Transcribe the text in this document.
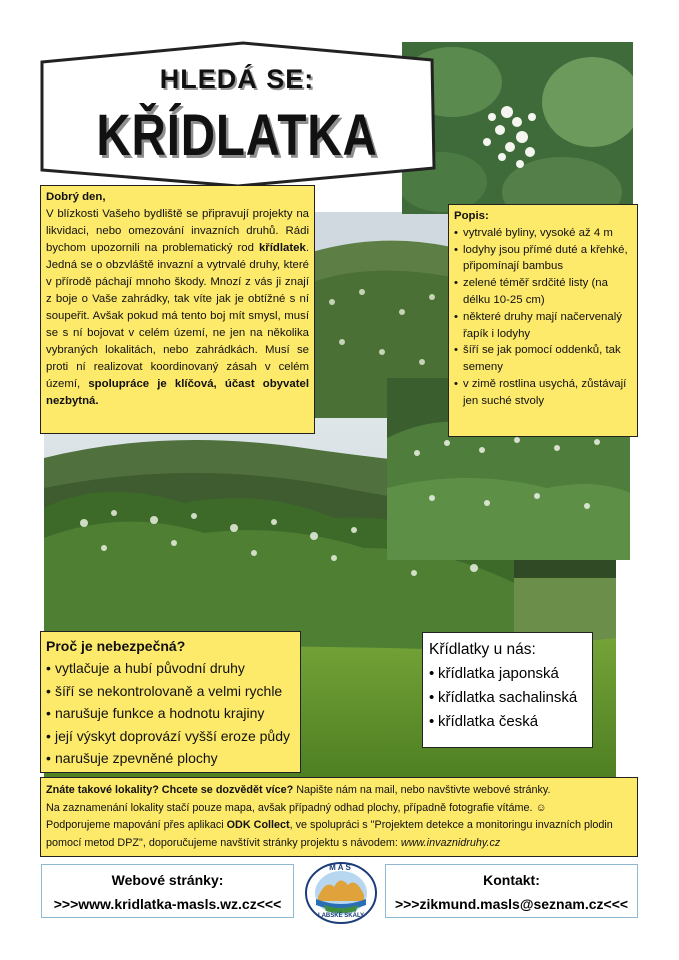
HLEDÁ SE:
KŘÍDLATKA
Dobrý den,
V blízkosti Vašeho bydliště se připravují projekty na likvidaci, nebo omezování invazních druhů. Rádi bychom upozornili na problematický rod křídlatek. Jedná se o obzvláště invazní a vytrvalé druhy, které v přírodě páchají mnoho škody. Mnozí z vás ji znají z boje o Vaše zahrádky, tak víte jak je obtížné s ní soupeřit. Avšak pokud má tento boj mít smysl, musí se s ní bojovat v celém území, ne jen na několika vybraných lokalitách, nebo zahrádkách. Musí se proti ní realizovat koordinovaný zásah v celém území, spolupráce je klíčová, účast obyvatel nezbytná.
Popis:
• vytrvalé byliny, vysoké až 4 m
• lodyhy jsou přímé duté a křehké, připomínají bambus
• zelené téměř srdčité listy (na délku 10-25 cm)
• některé druhy mají načervenalý řapík i lodyhy
• šíří se jak pomocí oddenků, tak semeny
• v zimě rostlina usychá, zůstávají jen suché stvoly
Proč je nebezpečná?
• vytlačuje a hubí původní druhy
• šíří se nekontrolovaně a velmi rychle
• narušuje funkce a hodnotu krajiny
• její výskyt doprovází vyšší eroze půdy
• narušuje zpevněné plochy
Křídlatky u nás:
• křídlatka japonská
• křídlatka sachalinská
• křídlatka česká
Znáte takové lokality? Chcete se dozvědět více? Napište nám na mail, nebo navštivte webové stránky.
Na zaznamenání lokality stačí pouze mapa, avšak případný odhad plochy, případně fotografie vítáme. ☺
Podporujeme mapování přes aplikaci ODK Collect, ve spolupráci s "Projektem detekce a monitoringu invazních plodin pomocí metod DPZ", doporučujeme navštívit stránky projektu s návodem: www.invaznidruhy.cz
Webové stránky:
>>>www.kridlatka-masls.wz.cz<<<
MAS
LABSKÉ SKÁLY
Kontakt:
>>>zikmund.masls@seznam.cz<<<
